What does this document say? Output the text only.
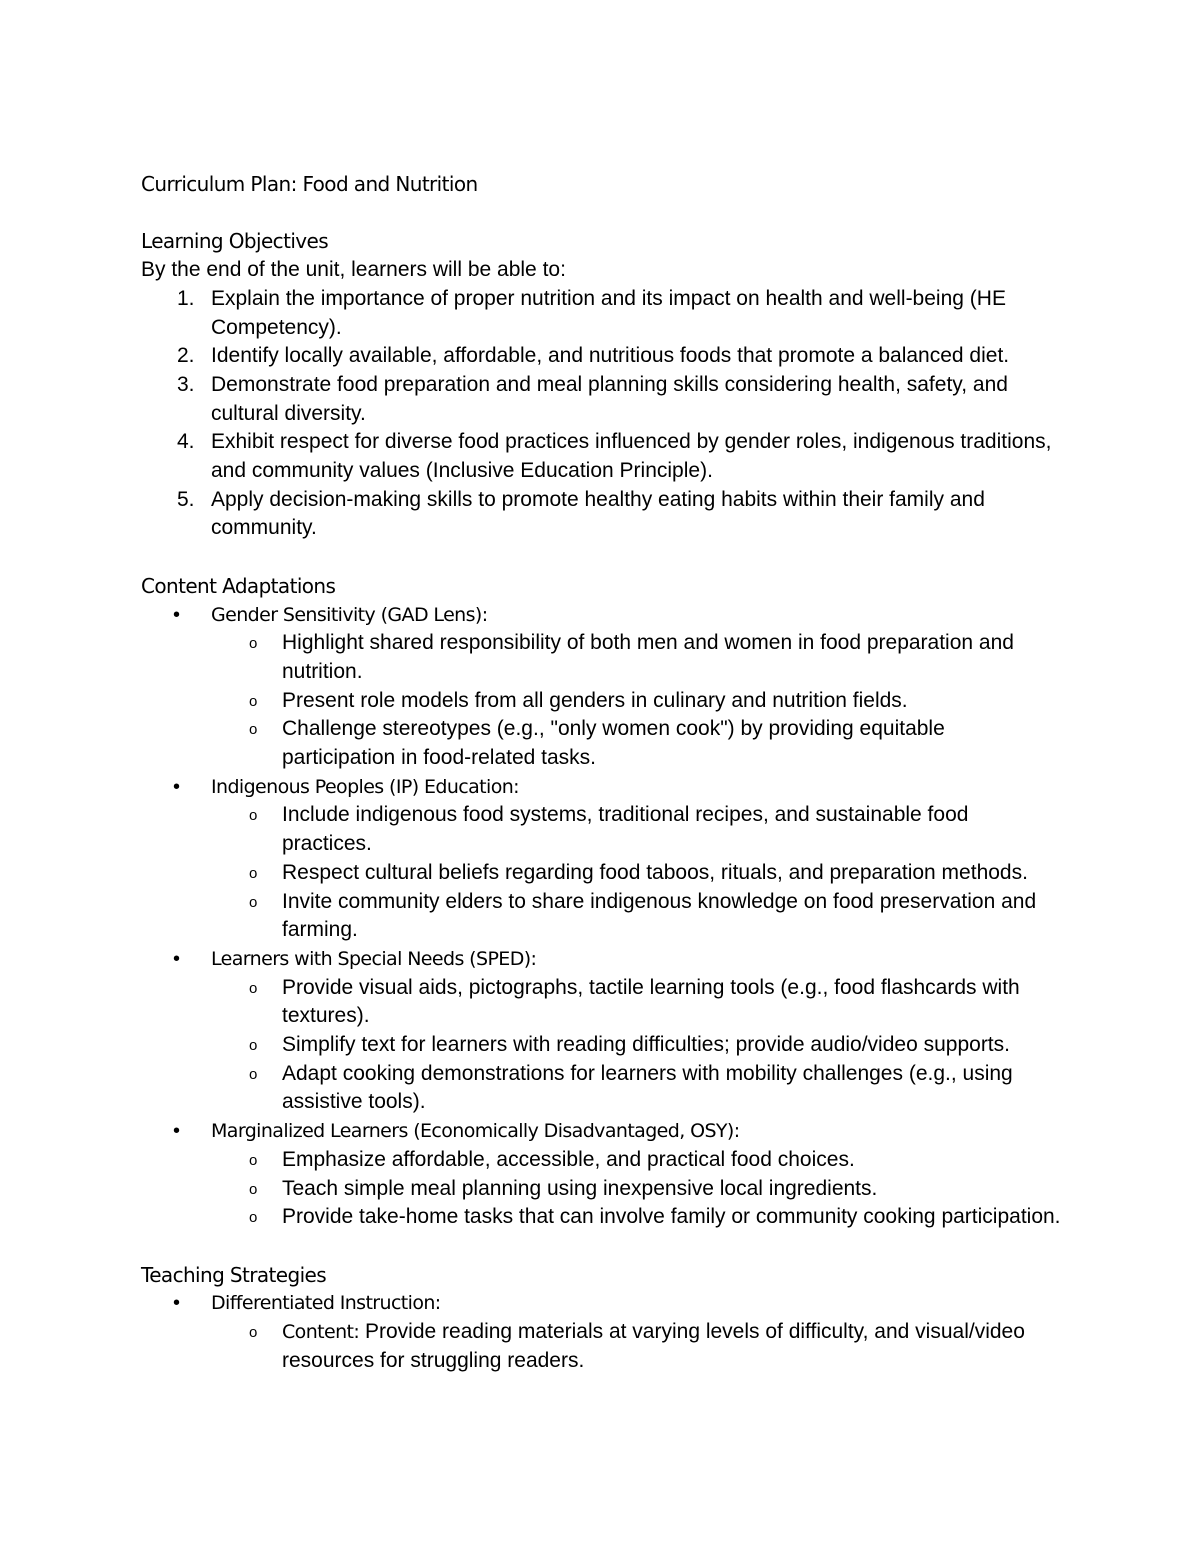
Curriculum Plan: Food and Nutrition
Learning Objectives

By the end of the unit, learners will be able to:

1. Explain the importance of proper nutrition and its impact on health and well-being (HE Competency).
2. Identify locally available, affordable, and nutritious foods that promote a balanced diet.
3. Demonstrate food preparation and meal planning skills considering health, safety, and cultural diversity.
4. Exhibit respect for diverse food practices influenced by gender roles, indigenous traditions, and community values (Inclusive Education Principle).
5. Apply decision-making skills to promote healthy eating habits within their family and community.
Content Adaptations
• Gender Sensitivity (GAD Lens):
o Highlight shared responsibility of both men and women in food preparation and nutrition.
o Present role models from all genders in culinary and nutrition fields.
o Challenge stereotypes (e.g., "only women cook") by providing equitable participation in food-related tasks.
• Indigenous Peoples (IP) Education:
o Include indigenous food systems, traditional recipes, and sustainable food practices.
o Respect cultural beliefs regarding food taboos, rituals, and preparation methods.
o Invite community elders to share indigenous knowledge on food preservation and farming.
• Learners with Special Needs (SPED):
o Provide visual aids, pictographs, tactile learning tools (e.g., food flashcards with textures).
o Simplify text for learners with reading difficulties; provide audio/video supports.
o Adapt cooking demonstrations for learners with mobility challenges (e.g., using assistive tools).
• Marginalized Learners (Economically Disadvantaged, OSY):
o Emphasize affordable, accessible, and practical food choices.
o Teach simple meal planning using inexpensive local ingredients.
o Provide take-home tasks that can involve family or community cooking participation.
Teaching Strategies
• Differentiated Instruction:
o Content: Provide reading materials at varying levels of difficulty, and visual/video resources for struggling readers.
